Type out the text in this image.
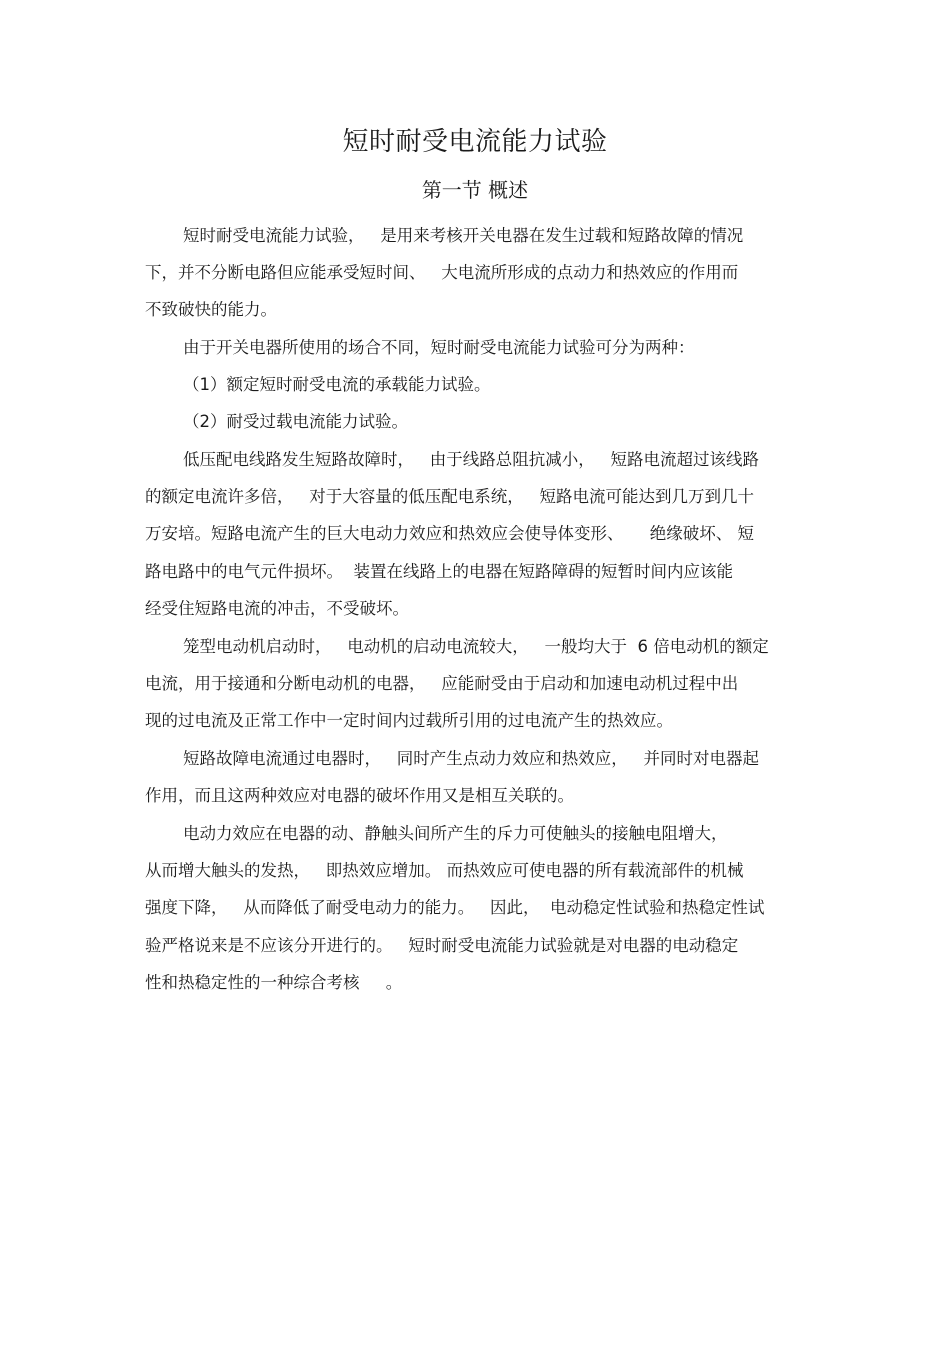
短时耐受电流能力试验
第一节 概述
短时耐受电流能力试验，   是用来考核开关电器在发生过载和短路故障的情况
下，并不分断电路但应能承受短时间、   大电流所形成的点动力和热效应的作用而
不致破快的能力。
由于开关电器所使用的场合不同，短时耐受电流能力试验可分为两种：
（1）额定短时耐受电流的承载能力试验。
（2）耐受过载电流能力试验。
低压配电线路发生短路故障时，   由于线路总阻抗减小，   短路电流超过该线路
的额定电流许多倍，   对于大容量的低压配电系统，   短路电流可能达到几万到几十
万安培。短路电流产生的巨大电动力效应和热效应会使导体变形、     绝缘破坏、 短
路电路中的电气元件损坏。  装置在线路上的电器在短路障碍的短暂时间内应该能
经受住短路电流的冲击，不受破坏。
笼型电动机启动时，   电动机的启动电流较大，   一般均大于  6 倍电动机的额定
电流，用于接通和分断电动机的电器，   应能耐受由于启动和加速电动机过程中出
现的过电流及正常工作中一定时间内过载所引用的过电流产生的热效应。
短路故障电流通过电器时，   同时产生点动力效应和热效应，   并同时对电器起
作用，而且这两种效应对电器的破坏作用又是相互关联的。
电动力效应在电器的动、静触头间所产生的斥力可使触头的接触电阻增大，
从而增大触头的发热，   即热效应增加。 而热效应可使电器的所有载流部件的机械
强度下降，   从而降低了耐受电动力的能力。   因此，  电动稳定性试验和热稳定性试
验严格说来是不应该分开进行的。   短时耐受电流能力试验就是对电器的电动稳定
性和热稳定性的一种综合考核     。
